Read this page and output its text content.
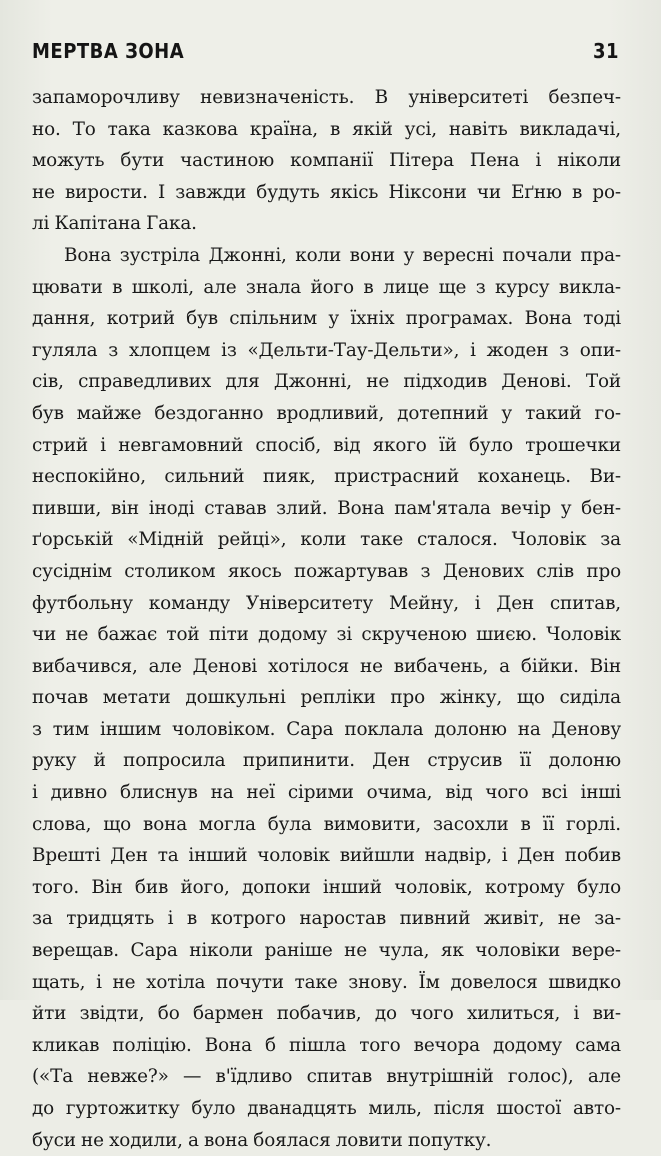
МЕРТВА ЗОНА	31
запаморочливу невизначеність. В університеті безпеч-
но. То така казкова країна, в якій усі, навіть викладачі,
можуть бути частиною компанії Пітера Пена і ніколи
не вирости. І завжди будуть якісь Ніксони чи Еґню в ро-
лі Капітана Гака.
Вона зустріла Джонні, коли вони у вересні почали пра-
цювати в школі, але знала його в лице ще з курсу виклa-
дання, котрий був спільним у їхніх програмах. Вона тоді
гуляла з хлопцем із «Дельти-Тау-Дельти», і жоден з опи-
сів, справедливих для Джонні, не підходив Денові. Той
був майже бездоганно вродливий, дотепний у такий го-
стрий і невгамовний спосіб, від якого їй було трошечки
неспокійно, сильний пияк, пристрасний коханець. Ви-
пивши, він іноді ставав злий. Вона пам'ятала вечір у бен-
ґорській «Мідній рейці», коли таке сталося. Чоловік за
сусіднім столиком якось пожартував з Денових слів про
футбольну команду Університету Мейну, і Ден спитав,
чи не бажає той піти додому зі скрученою шиєю. Чоловік
вибачився, але Денові хотілося не вибачень, а бійки. Він
почав метати дошкульні репліки про жінку, що сиділа
з тим іншим чоловіком. Сара поклала долоню на Денову
руку й попросила припинити. Ден струсив її долоню
і дивно блиснув на неї сірими очима, від чого всі інші
слова, що вона могла була вимовити, засохли в її горлі.
Врешті Ден та інший чоловік вийшли надвір, і Ден побив
того. Він бив його, допоки інший чоловік, котрому було
за тридцять і в котрого наростав пивний живіт, не за-
верещав. Сара ніколи раніше не чула, як чоловіки вере-
щать, і не хотіла почути таке знову. Їм довелося швидко
йти звідти, бо бармен побачив, до чого хилиться, і ви-
кликав поліцію. Вона б пішла того вечора додому сама
(«Та невже?» — в'їдливо спитав внутрішній голос), але
до гуртожитку було дванадцять миль, після шостої авто-
буси не ходили, а вона боялася ловити попутку.
